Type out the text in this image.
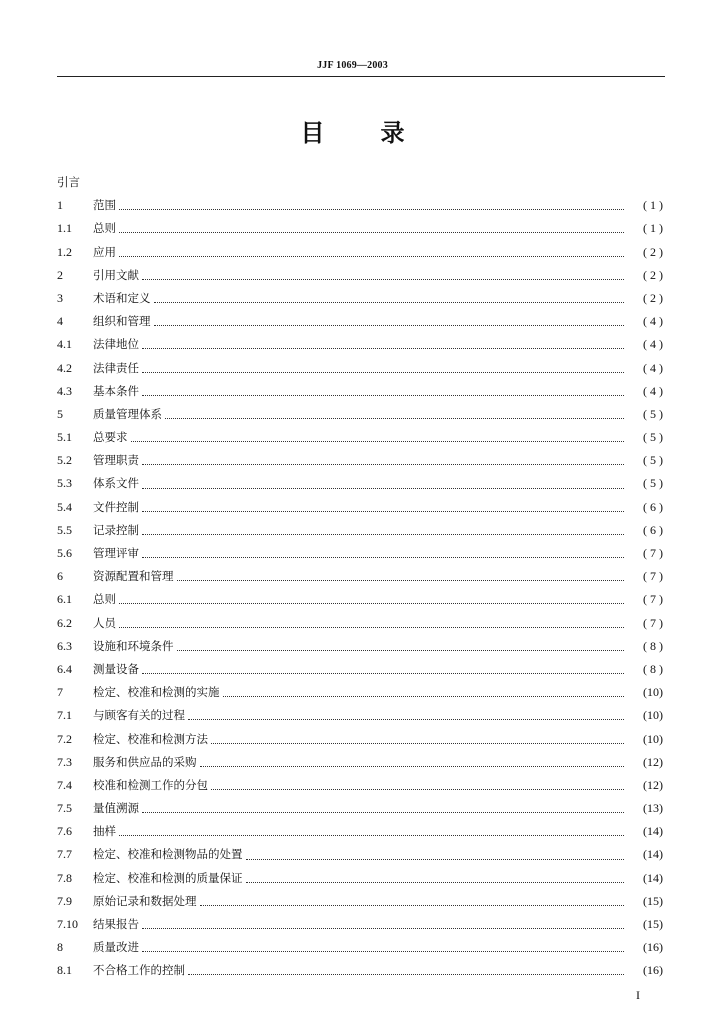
JJF 1069—2003
目 录
引言
1	范围	( 1 )
1.1	总则	( 1 )
1.2	应用	( 2 )
2	引用文献	( 2 )
3	术语和定义	( 2 )
4	组织和管理	( 4 )
4.1	法律地位	( 4 )
4.2	法律责任	( 4 )
4.3	基本条件	( 4 )
5	质量管理体系	( 5 )
5.1	总要求	( 5 )
5.2	管理职责	( 5 )
5.3	体系文件	( 5 )
5.4	文件控制	( 6 )
5.5	记录控制	( 6 )
5.6	管理评审	( 7 )
6	资源配置和管理	( 7 )
6.1	总则	( 7 )
6.2	人员	( 7 )
6.3	设施和环境条件	( 8 )
6.4	测量设备	( 8 )
7	检定、校准和检测的实施	(10)
7.1	与顾客有关的过程	(10)
7.2	检定、校准和检测方法	(10)
7.3	服务和供应品的采购	(12)
7.4	校准和检测工作的分包	(12)
7.5	量值溯源	(13)
7.6	抽样	(14)
7.7	检定、校准和检测物品的处置	(14)
7.8	检定、校准和检测的质量保证	(14)
7.9	原始记录和数据处理	(15)
7.10	结果报告	(15)
8	质量改进	(16)
8.1	不合格工作的控制	(16)
I
